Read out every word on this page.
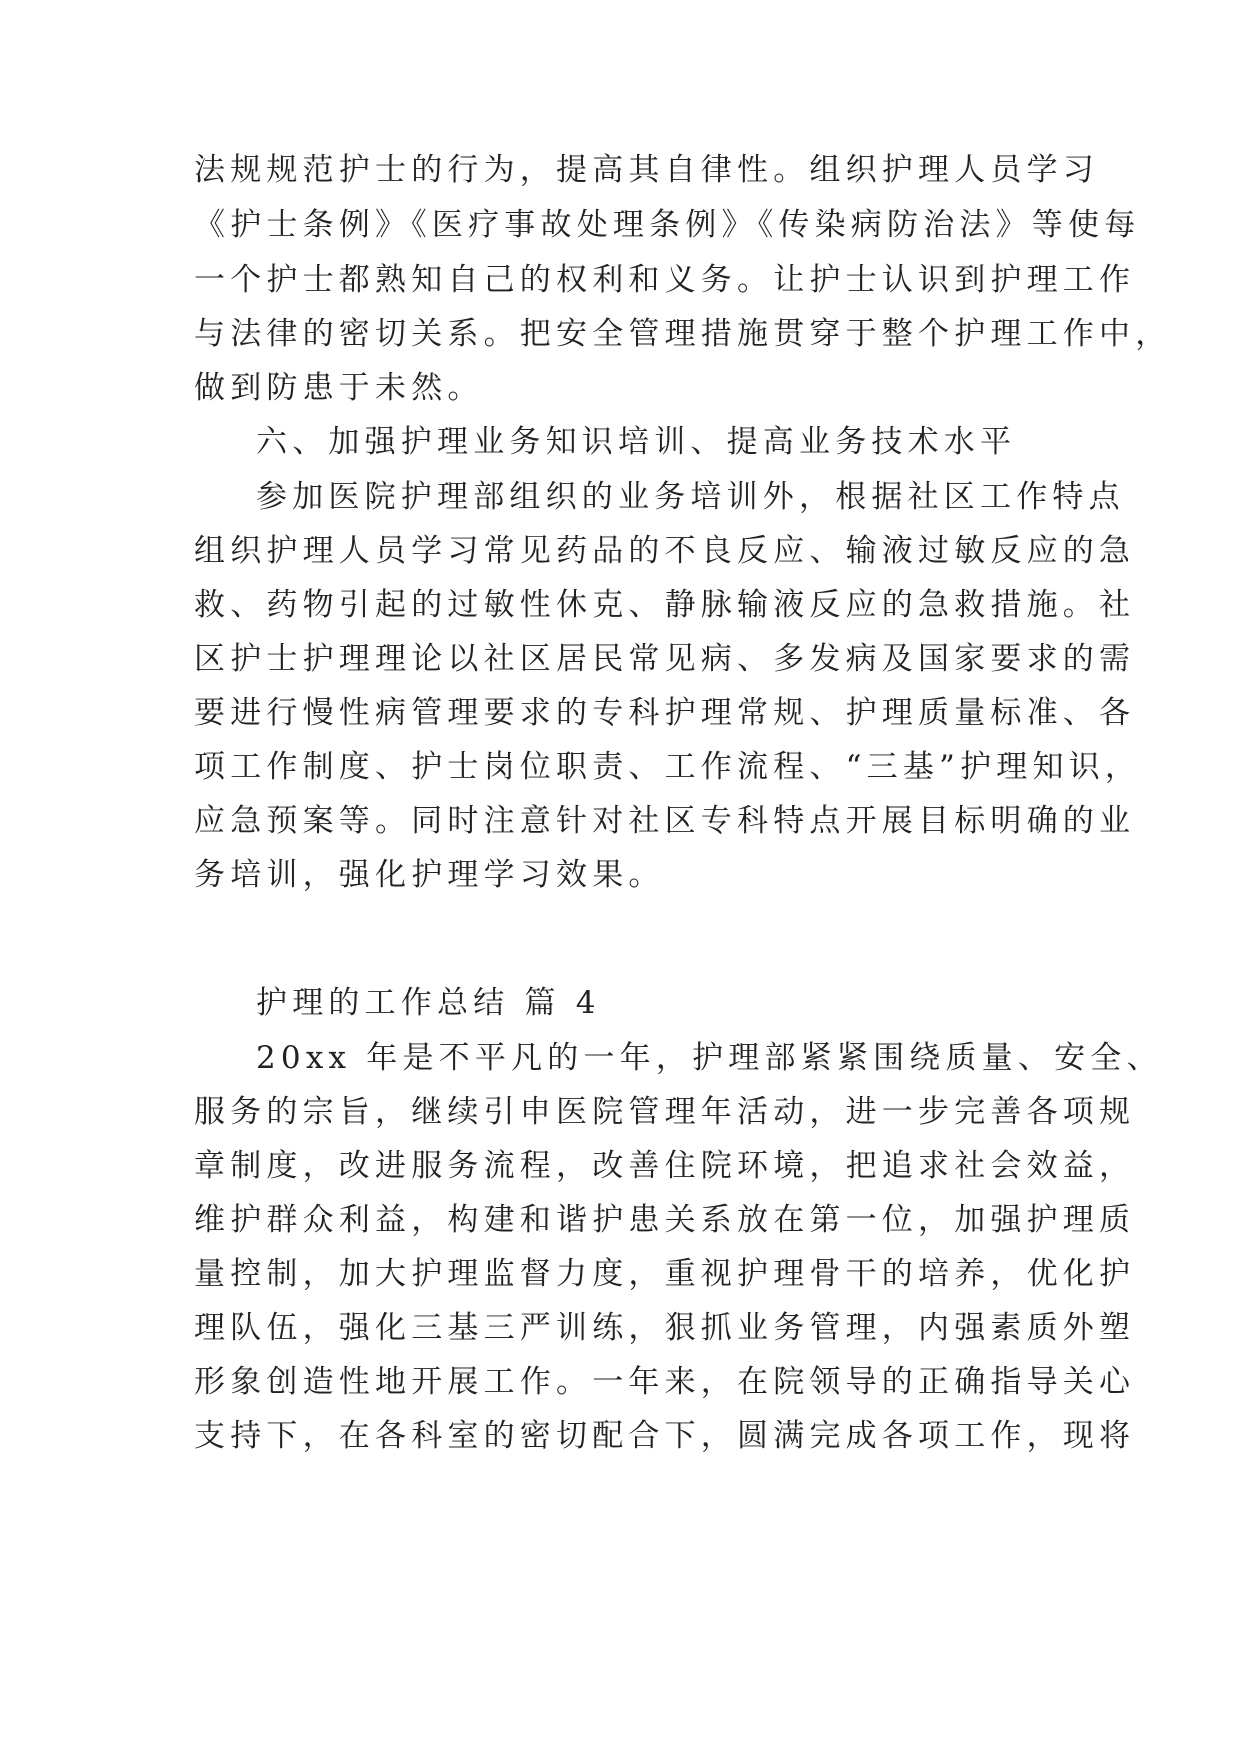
法规规范护士的行为，提高其自律性。组织护理人员学习
《护士条例》《医疗事故处理条例》《传染病防治法》等使每
一个护士都熟知自己的权利和义务。让护士认识到护理工作
与法律的密切关系。把安全管理措施贯穿于整个护理工作中，
做到防患于未然。
六、加强护理业务知识培训、提高业务技术水平
参加医院护理部组织的业务培训外，根据社区工作特点
组织护理人员学习常见药品的不良反应、输液过敏反应的急
救、药物引起的过敏性休克、静脉输液反应的急救措施。社
区护士护理理论以社区居民常见病、多发病及国家要求的需
要进行慢性病管理要求的专科护理常规、护理质量标准、各
项工作制度、护士岗位职责、工作流程、“三基”护理知识，
应急预案等。同时注意针对社区专科特点开展目标明确的业
务培训，强化护理学习效果。
护理的工作总结 篇 4
20xx 年是不平凡的一年，护理部紧紧围绕质量、安全、
服务的宗旨，继续引申医院管理年活动，进一步完善各项规
章制度，改进服务流程，改善住院环境，把追求社会效益，
维护群众利益，构建和谐护患关系放在第一位，加强护理质
量控制，加大护理监督力度，重视护理骨干的培养，优化护
理队伍，强化三基三严训练，狠抓业务管理，内强素质外塑
形象创造性地开展工作。一年来，在院领导的正确指导关心
支持下，在各科室的密切配合下，圆满完成各项工作，现将
